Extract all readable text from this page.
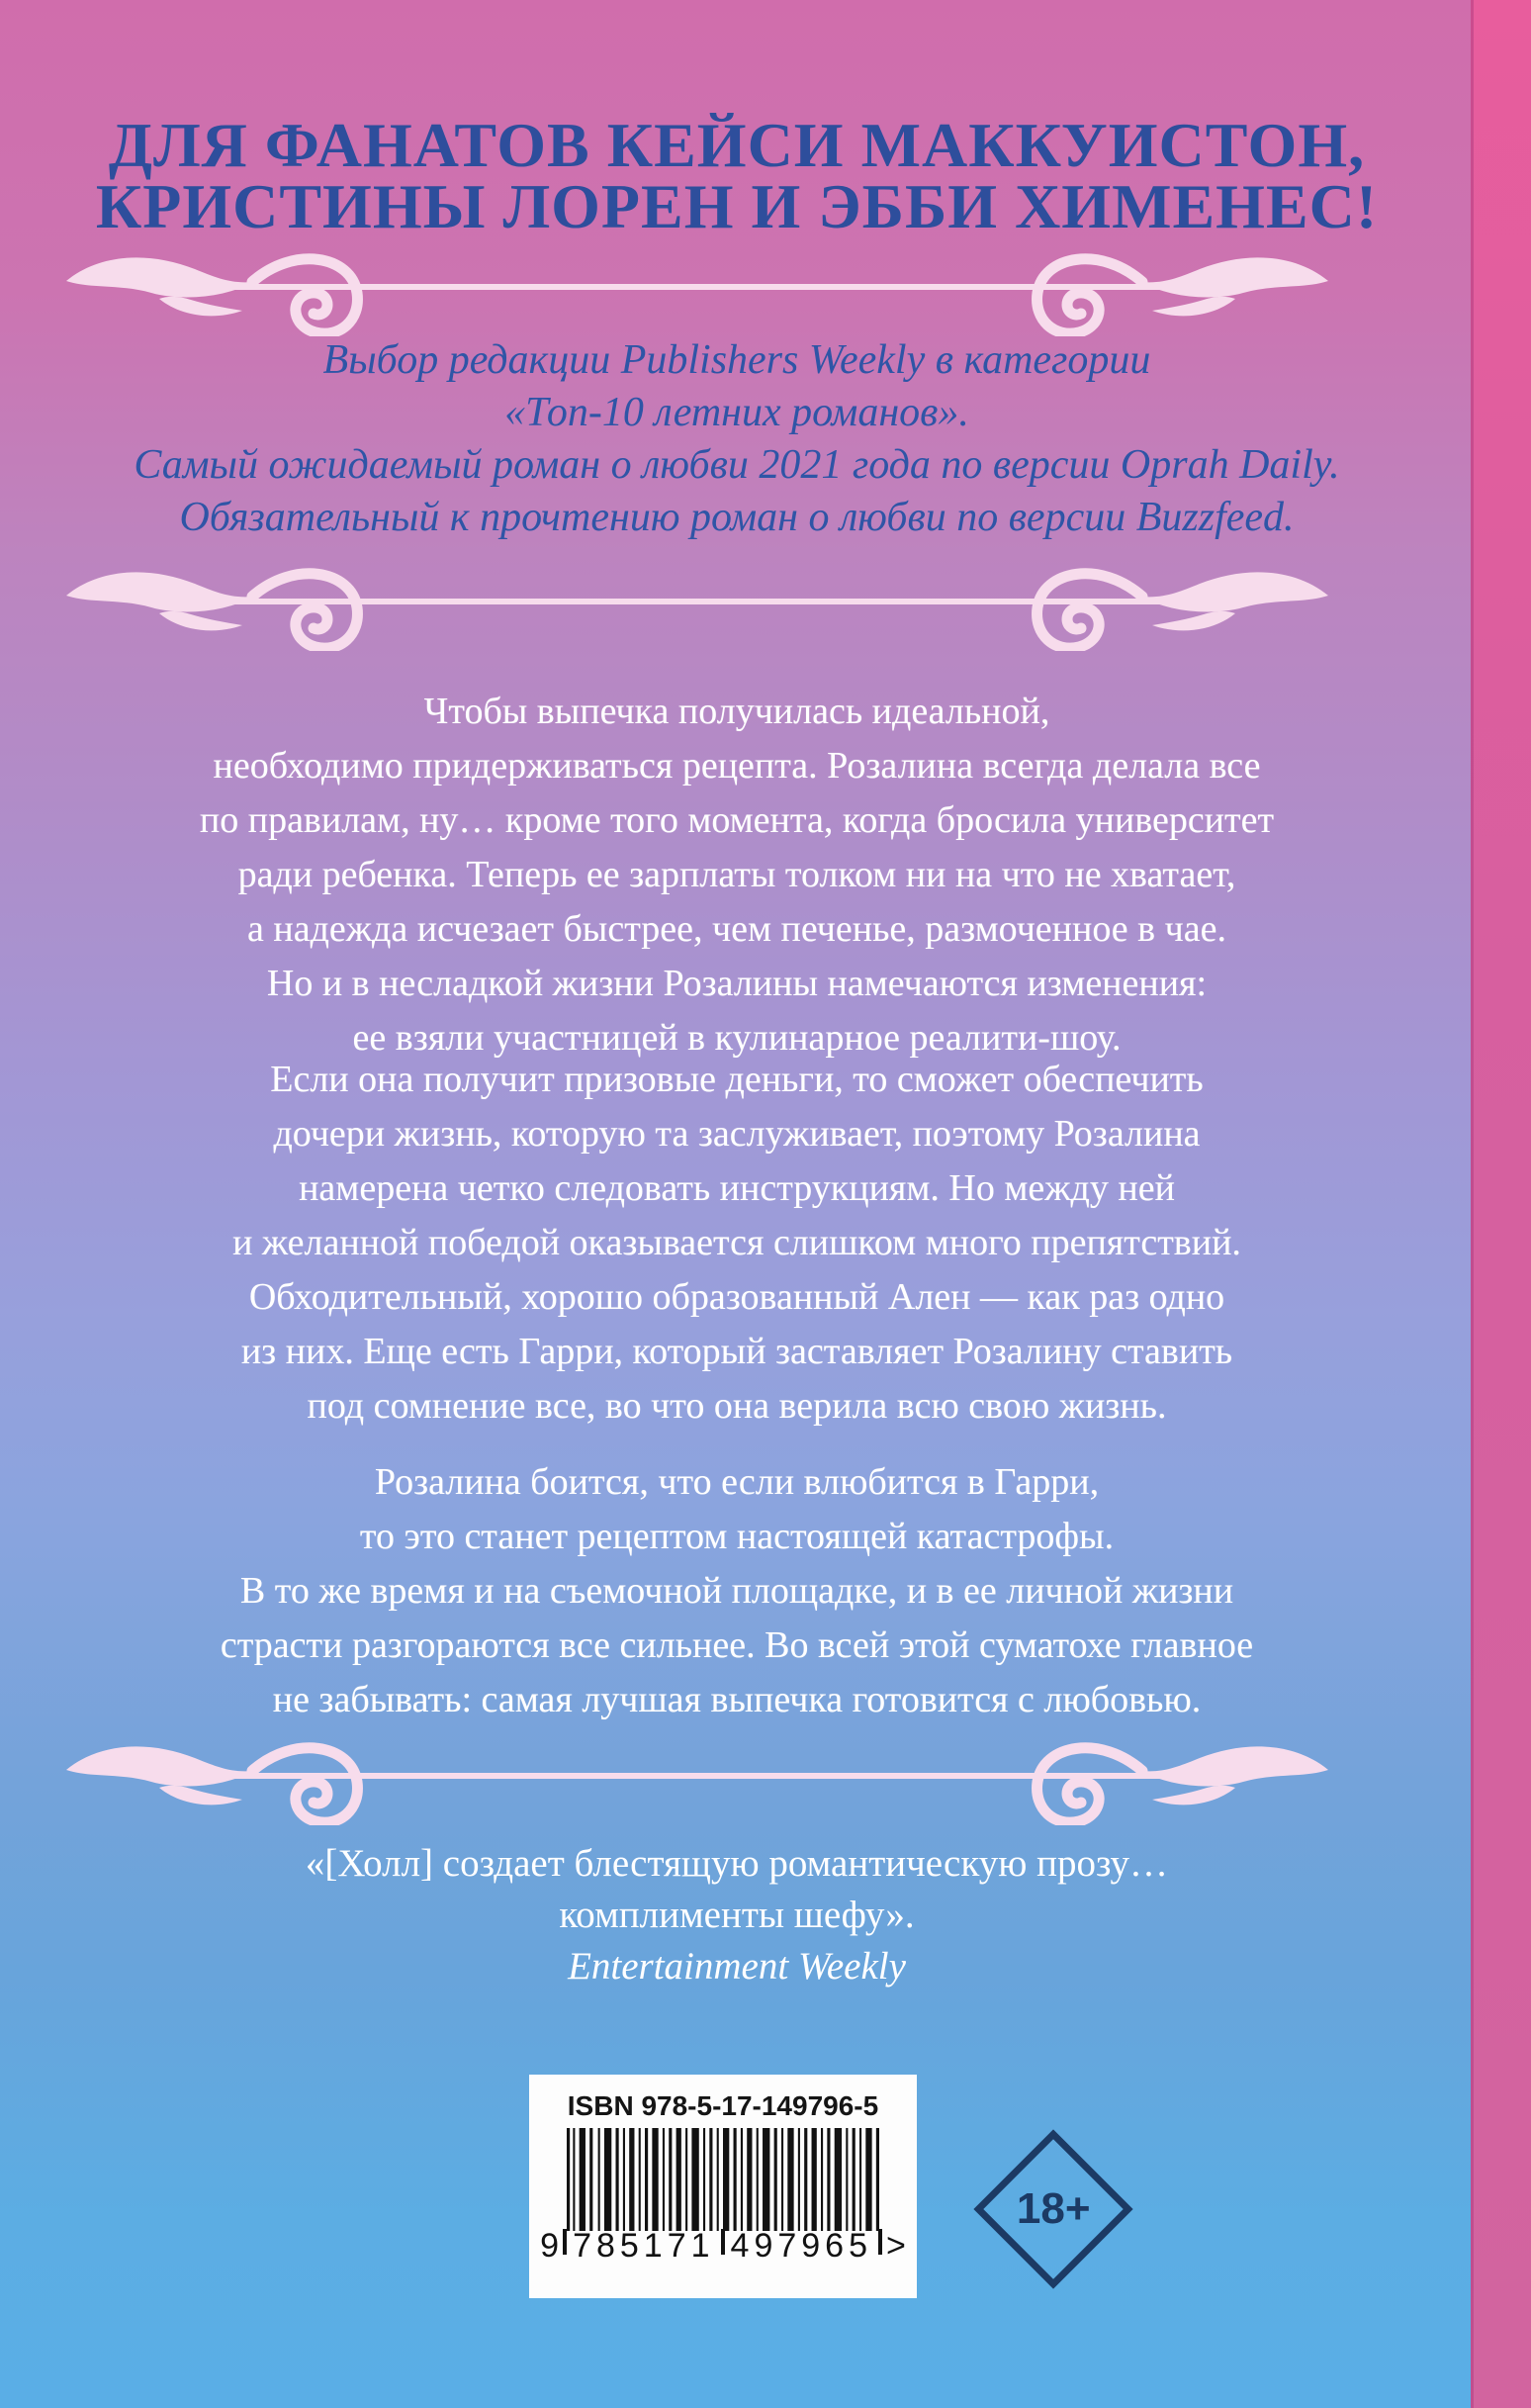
ДЛЯ ФАНАТОВ КЕЙСИ МАККУИСТОН,
КРИСТИНЫ ЛОРЕН И ЭББИ ХИМЕНЕС!
Выбор редакции Publishers Weekly в категории
«Топ-10 летних романов».
Самый ожидаемый роман о любви 2021 года по версии Oprah Daily.
Обязательный к прочтению роман о любви по версии Buzzfeed.
Чтобы выпечка получилась идеальной,
необходимо придерживаться рецепта. Розалина всегда делала все
по правилам, ну… кроме того момента, когда бросила университет
ради ребенка. Теперь ее зарплаты толком ни на что не хватает,
а надежда исчезает быстрее, чем печенье, размоченное в чае.
Но и в несладкой жизни Розалины намечаются изменения:
ее взяли участницей в кулинарное реалити-шоу.
Если она получит призовые деньги, то сможет обеспечить
дочери жизнь, которую та заслуживает, поэтому Розалина
намерена четко следовать инструкциям. Но между ней
и желанной победой оказывается слишком много препятствий.
Обходительный, хорошо образованный Ален — как раз одно
из них. Еще есть Гарри, который заставляет Розалину ставить
под сомнение все, во что она верила всю свою жизнь.
Розалина боится, что если влюбится в Гарри,
то это станет рецептом настоящей катастрофы.
В то же время и на съемочной площадке, и в ее личной жизни
страсти разгораются все сильнее. Во всей этой суматохе главное
не забывать: самая лучшая выпечка готовится с любовью.
«[Холл] создает блестящую романтическую прозу…
комплименты шефу».
Entertainment Weekly
ISBN 978-5-17-149796-5
9 785171 497965 >
18+
